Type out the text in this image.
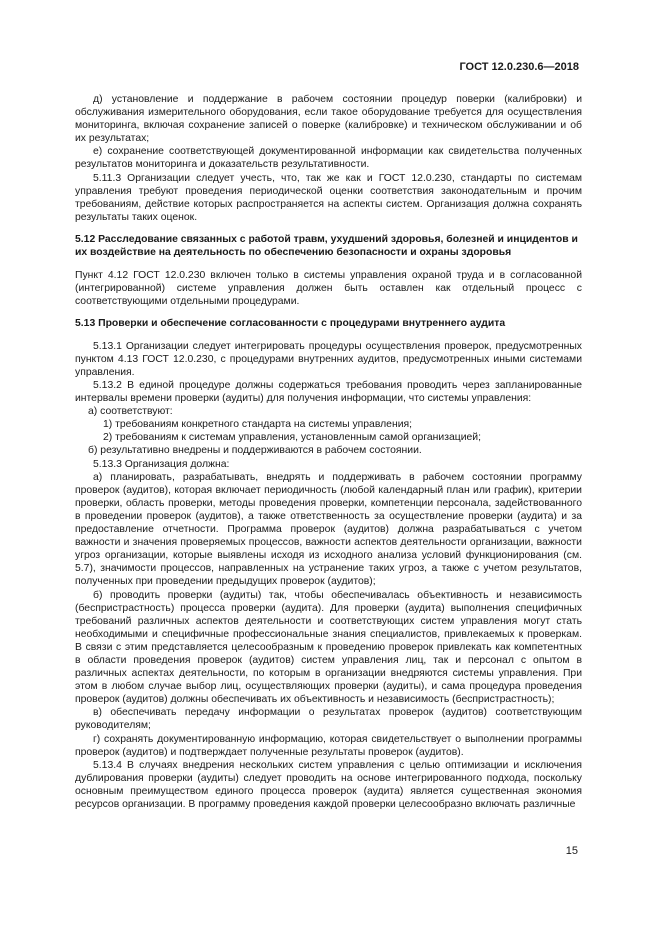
ГОСТ 12.0.230.6—2018

д) установление и поддержание в рабочем состоянии процедур поверки (калибровки) и обслуживания измерительного оборудования, если такое оборудование требуется для осуществления мониторинга, включая сохранение записей о поверке (калибровке) и техническом обслуживании и об их результатах;

е) сохранение соответствующей документированной информации как свидетельства полученных результатов мониторинга и доказательств результативности.

5.11.3 Организации следует учесть, что, так же как и ГОСТ 12.0.230, стандарты по системам управления требуют проведения периодической оценки соответствия законодательным и прочим требованиям, действие которых распространяется на аспекты систем. Организация должна сохранять результаты таких оценок.

5.12 Расследование связанных с работой травм, ухудшений здоровья, болезней и инцидентов и их воздействие на деятельность по обеспечению безопасности и охраны здоровья

Пункт 4.12 ГОСТ 12.0.230 включен только в системы управления охраной труда и в согласованной (интегрированной) системе управления должен быть оставлен как отдельный процесс с соответствующими отдельными процедурами.

5.13 Проверки и обеспечение согласованности с процедурами внутреннего аудита

5.13.1 Организации следует интегрировать процедуры осуществления проверок, предусмотренных пунктом 4.13 ГОСТ 12.0.230, с процедурами внутренних аудитов, предусмотренных иными системами управления.

5.13.2 В единой процедуре должны содержаться требования проводить через запланированные интервалы времени проверки (аудиты) для получения информации, что системы управления:

а) соответствуют:

1) требованиям конкретного стандарта на системы управления;

2) требованиям к системам управления, установленным самой организацией;

б) результативно внедрены и поддерживаются в рабочем состоянии.

5.13.3 Организация должна:

а) планировать, разрабатывать, внедрять и поддерживать в рабочем состоянии программу проверок (аудитов), которая включает периодичность (любой календарный план или график), критерии проверки, область проверки, методы проведения проверки, компетенции персонала, задействованного в проведении проверок (аудитов), а также ответственность за осуществление проверки (аудита) и за предоставление отчетности. Программа проверок (аудитов) должна разрабатываться с учетом важности и значения проверяемых процессов, важности аспектов деятельности организации, важности угроз организации, которые выявлены исходя из исходного анализа условий функционирования (см. 5.7), значимости процессов, направленных на устранение таких угроз, а также с учетом результатов, полученных при проведении предыдущих проверок (аудитов);

б) проводить проверки (аудиты) так, чтобы обеспечивалась объективность и независимость (беспристрастность) процесса проверки (аудита). Для проверки (аудита) выполнения специфичных требований различных аспектов деятельности и соответствующих систем управления могут стать необходимыми и специфичные профессиональные знания специалистов, привлекаемых к проверкам. В связи с этим представляется целесообразным к проведению проверок привлекать как компетентных в области проведения проверок (аудитов) систем управления лиц, так и персонал с опытом в различных аспектах деятельности, по которым в организации внедряются системы управления. При этом в любом случае выбор лиц, осуществляющих проверки (аудиты), и сама процедура проведения проверок (аудитов) должны обеспечивать их объективность и независимость (беспристрастность);

в) обеспечивать передачу информации о результатах проверок (аудитов) соответствующим руководителям;

г) сохранять документированную информацию, которая свидетельствует о выполнении программы проверок (аудитов) и подтверждает полученные результаты проверок (аудитов).

5.13.4 В случаях внедрения нескольких систем управления с целью оптимизации и исключения дублирования проверки (аудиты) следует проводить на основе интегрированного подхода, поскольку основным преимуществом единого процесса проверок (аудита) является существенная экономия ресурсов организации. В программу проведения каждой проверки целесообразно включать различные

15
